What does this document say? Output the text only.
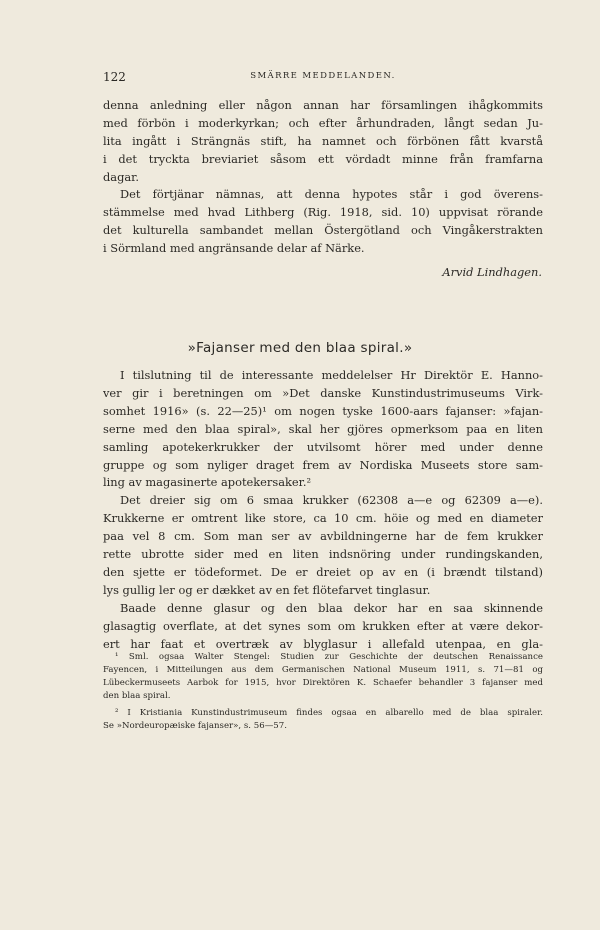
122	SMÄRRE MEDDELANDEN.

denna anledning eller någon annan har församlingen ihågkommits
med förbön i moderkyrkan; och efter århundraden, långt sedan Ju-
lita ingått i Strängnäs stift, ha namnet och förbönen fått kvarstå
i det tryckta breviariet såsom ett vördadt minne från framfarna
dagar.

Det förtjänar nämnas, att denna hypotes står i god överens-
stämmelse med hvad Lithberg (Rig. 1918, sid. 10) uppvisat rörande
det kulturella sambandet mellan Östergötland och Vingåkerstrakten
i Sörmland med angränsande delar af Närke.

Arvid Lindhagen.
»Fajanser med den blaa spiral.»

I tilslutning til de interessante meddelelser Hr Direktör E. Hanno-
ver gir i beretningen om »Det danske Kunstindustrimuseums Virk-
somhet 1916» (s. 22—25)¹ om nogen tyske 1600-aars fajanser: »fajan-
serne med den blaa spiral», skal her gjöres opmerksom paa en liten
samling apotekerkrukker der utvilsomt hörer med under denne
gruppe og som nyliger draget frem av Nordiska Museets store sam-
ling av magasinerte apotekersaker.²

Det dreier sig om 6 smaa krukker (62308 a—e og 62309 a—e).
Krukkerne er omtrent like store, ca 10 cm. höie og med en diameter
paa vel 8 cm. Som man ser av avbildningerne har de fem krukker
rette ubrotte sider med en liten indsnöring under rundingskanden,
den sjette er tödeformet. De er dreiet op av en (i brændt tilstand)
lys gullig ler og er dækket av en fet flötefarvet tinglasur.

Baade denne glasur og den blaa dekor har en saa skinnende
glasagtig overflate, at det synes som om krukken efter at være dekor-
ert har faat et overtræk av blyglasur i allefald utenpaa, en gla-

¹ Sml. ogsaa Walter Stengel: Studien zur Geschichte der deutschen Renaissance
Fayencen, i Mitteilungen aus dem Germanischen National Museum 1911, s. 71—81 og
Lübeckermuseets Aarbok for 1915, hvor Direktören K. Schaefer behandler 3 fajanser med
den blaa spiral.
² I Kristiania Kunstindustrimuseum findes ogsaa en albarello med de blaa spiraler.
Se »Nordeuropæiske fajanser», s. 56—57.
